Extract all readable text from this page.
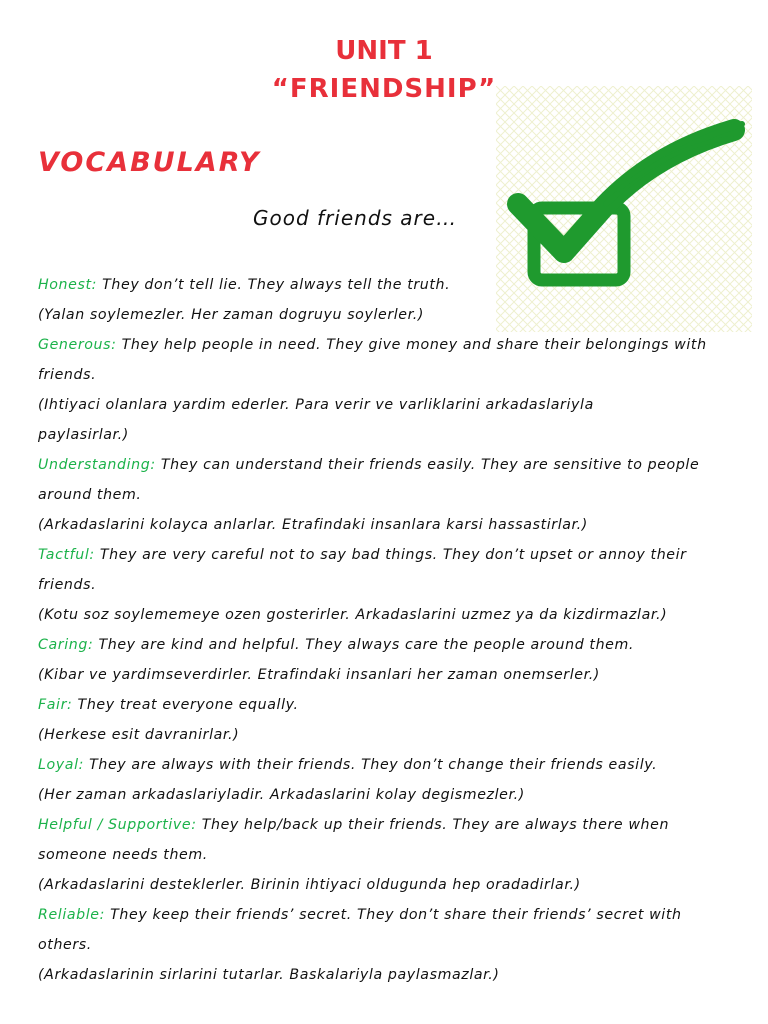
UNIT 1
“FRIENDSHIP”
VOCABULARY
Good friends are…
Honest: They don’t tell lie. They always tell the truth.
(Yalan soylemezler. Her zaman dogruyu soylerler.)
Generous: They help people in need. They give money and share their belongings with
friends.
(Ihtiyaci olanlara yardim ederler. Para verir ve varliklarini arkadaslariyla
paylasirlar.)
Understanding: They can understand their friends easily. They are sensitive to people
around them.
(Arkadaslarini kolayca anlarlar. Etrafindaki insanlara karsi hassastirlar.)
Tactful: They are very careful not to say bad things. They don’t upset or annoy their
friends.
(Kotu soz soylememeye ozen gosterirler. Arkadaslarini uzmez ya da kizdirmazlar.)
Caring: They are kind and helpful. They always care the people around them.
(Kibar ve yardimseverdirler. Etrafindaki insanlari her zaman onemserler.)
Fair: They treat everyone equally.
(Herkese esit davranirlar.)
Loyal: They are always with their friends. They don’t change their friends easily.
(Her zaman arkadaslariyladir. Arkadaslarini kolay degismezler.)
Helpful / Supportive: They help/back up their friends. They are always there when
someone needs them.
(Arkadaslarini desteklerler. Birinin ihtiyaci oldugunda hep oradadirlar.)
Reliable: They keep their friends’ secret. They don’t share their friends’ secret with
others.
(Arkadaslarinin sirlarini tutarlar. Baskalariyla paylasmazlar.)
